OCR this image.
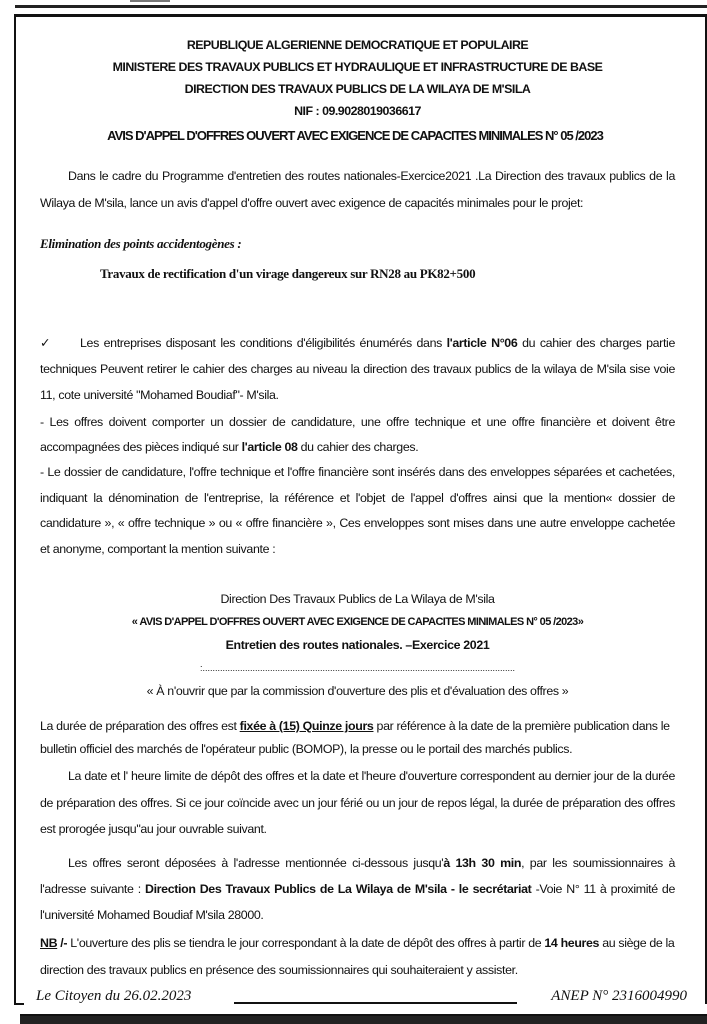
REPUBLIQUE ALGERIENNE DEMOCRATIQUE ET POPULAIRE
MINISTERE DES TRAVAUX PUBLICS ET HYDRAULIQUE ET INFRASTRUCTURE DE BASE
DIRECTION DES TRAVAUX PUBLICS DE LA WILAYA DE M'SILA
NIF : 09.9028019036617
AVIS D'APPEL D'OFFRES OUVERT AVEC EXIGENCE DE CAPACITES MINIMALES N° 05 /2023
Dans le cadre du Programme d'entretien des routes nationales-Exercice2021 .La Direction des travaux publics de la Wilaya de M'sila, lance un avis d'appel d'offre ouvert avec exigence de capacités minimales pour le projet:
Elimination des points accidentogènes :
Travaux de rectification d'un virage dangereux sur RN28 au PK82+500
✓ Les entreprises disposant les conditions d'éligibilités énumérés dans l'article N°06 du cahier des charges partie techniques Peuvent retirer le cahier des charges au niveau la direction des travaux publics de la wilaya de M'sila sise voie 11, cote université "Mohamed Boudiaf"- M'sila.
- Les offres doivent comporter un dossier de candidature, une offre technique et une offre financière et doivent être accompagnées des pièces indiqué sur l'article 08 du cahier des charges.
- Le dossier de candidature, l'offre technique et l'offre financière sont insérés dans des enveloppes séparées et cachetées, indiquant la dénomination de l'entreprise, la référence et l'objet de l'appel d'offres ainsi que la mention« dossier de candidature », « offre technique » ou « offre financière », Ces enveloppes sont mises dans une autre enveloppe cachetée et anonyme, comportant la mention suivante :
Direction Des Travaux Publics de La Wilaya de M'sila
« AVIS D'APPEL D'OFFRES OUVERT AVEC EXIGENCE DE CAPACITES MINIMALES N° 05 /2023»
Entretien des routes nationales. –Exercice 2021
:.............................................................................................................................
« À n'ouvrir que par la commission d'ouverture des plis et d'évaluation des offres »
La durée de préparation des offres est fixée à (15) Quinze jours par référence à la date de la première publication dans le bulletin officiel des marchés de l'opérateur public (BOMOP), la presse ou le portail des marchés publics.
La date et l' heure limite de dépôt des offres et la date et l'heure d'ouverture correspondent au dernier jour de la durée de préparation des offres. Si ce jour coïncide avec un jour férié ou un jour de repos légal, la durée de préparation des offres est prorogée jusqu"au jour ouvrable suivant.
Les offres seront déposées à l'adresse mentionnée ci-dessous jusqu'à 13h 30 min, par les soumissionnaires à l'adresse suivante : Direction Des Travaux Publics de La Wilaya de M'sila - le secrétariat -Voie N° 11 à proximité de l'université Mohamed Boudiaf M'sila 28000.
NB /- L'ouverture des plis se tiendra le jour correspondant à la date de dépôt des offres à partir de 14 heures au siège de la direction des travaux publics en présence des soumissionnaires qui souhaiteraient y assister.
Le Citoyen du 26.02.2023	ANEP N° 2316004990
